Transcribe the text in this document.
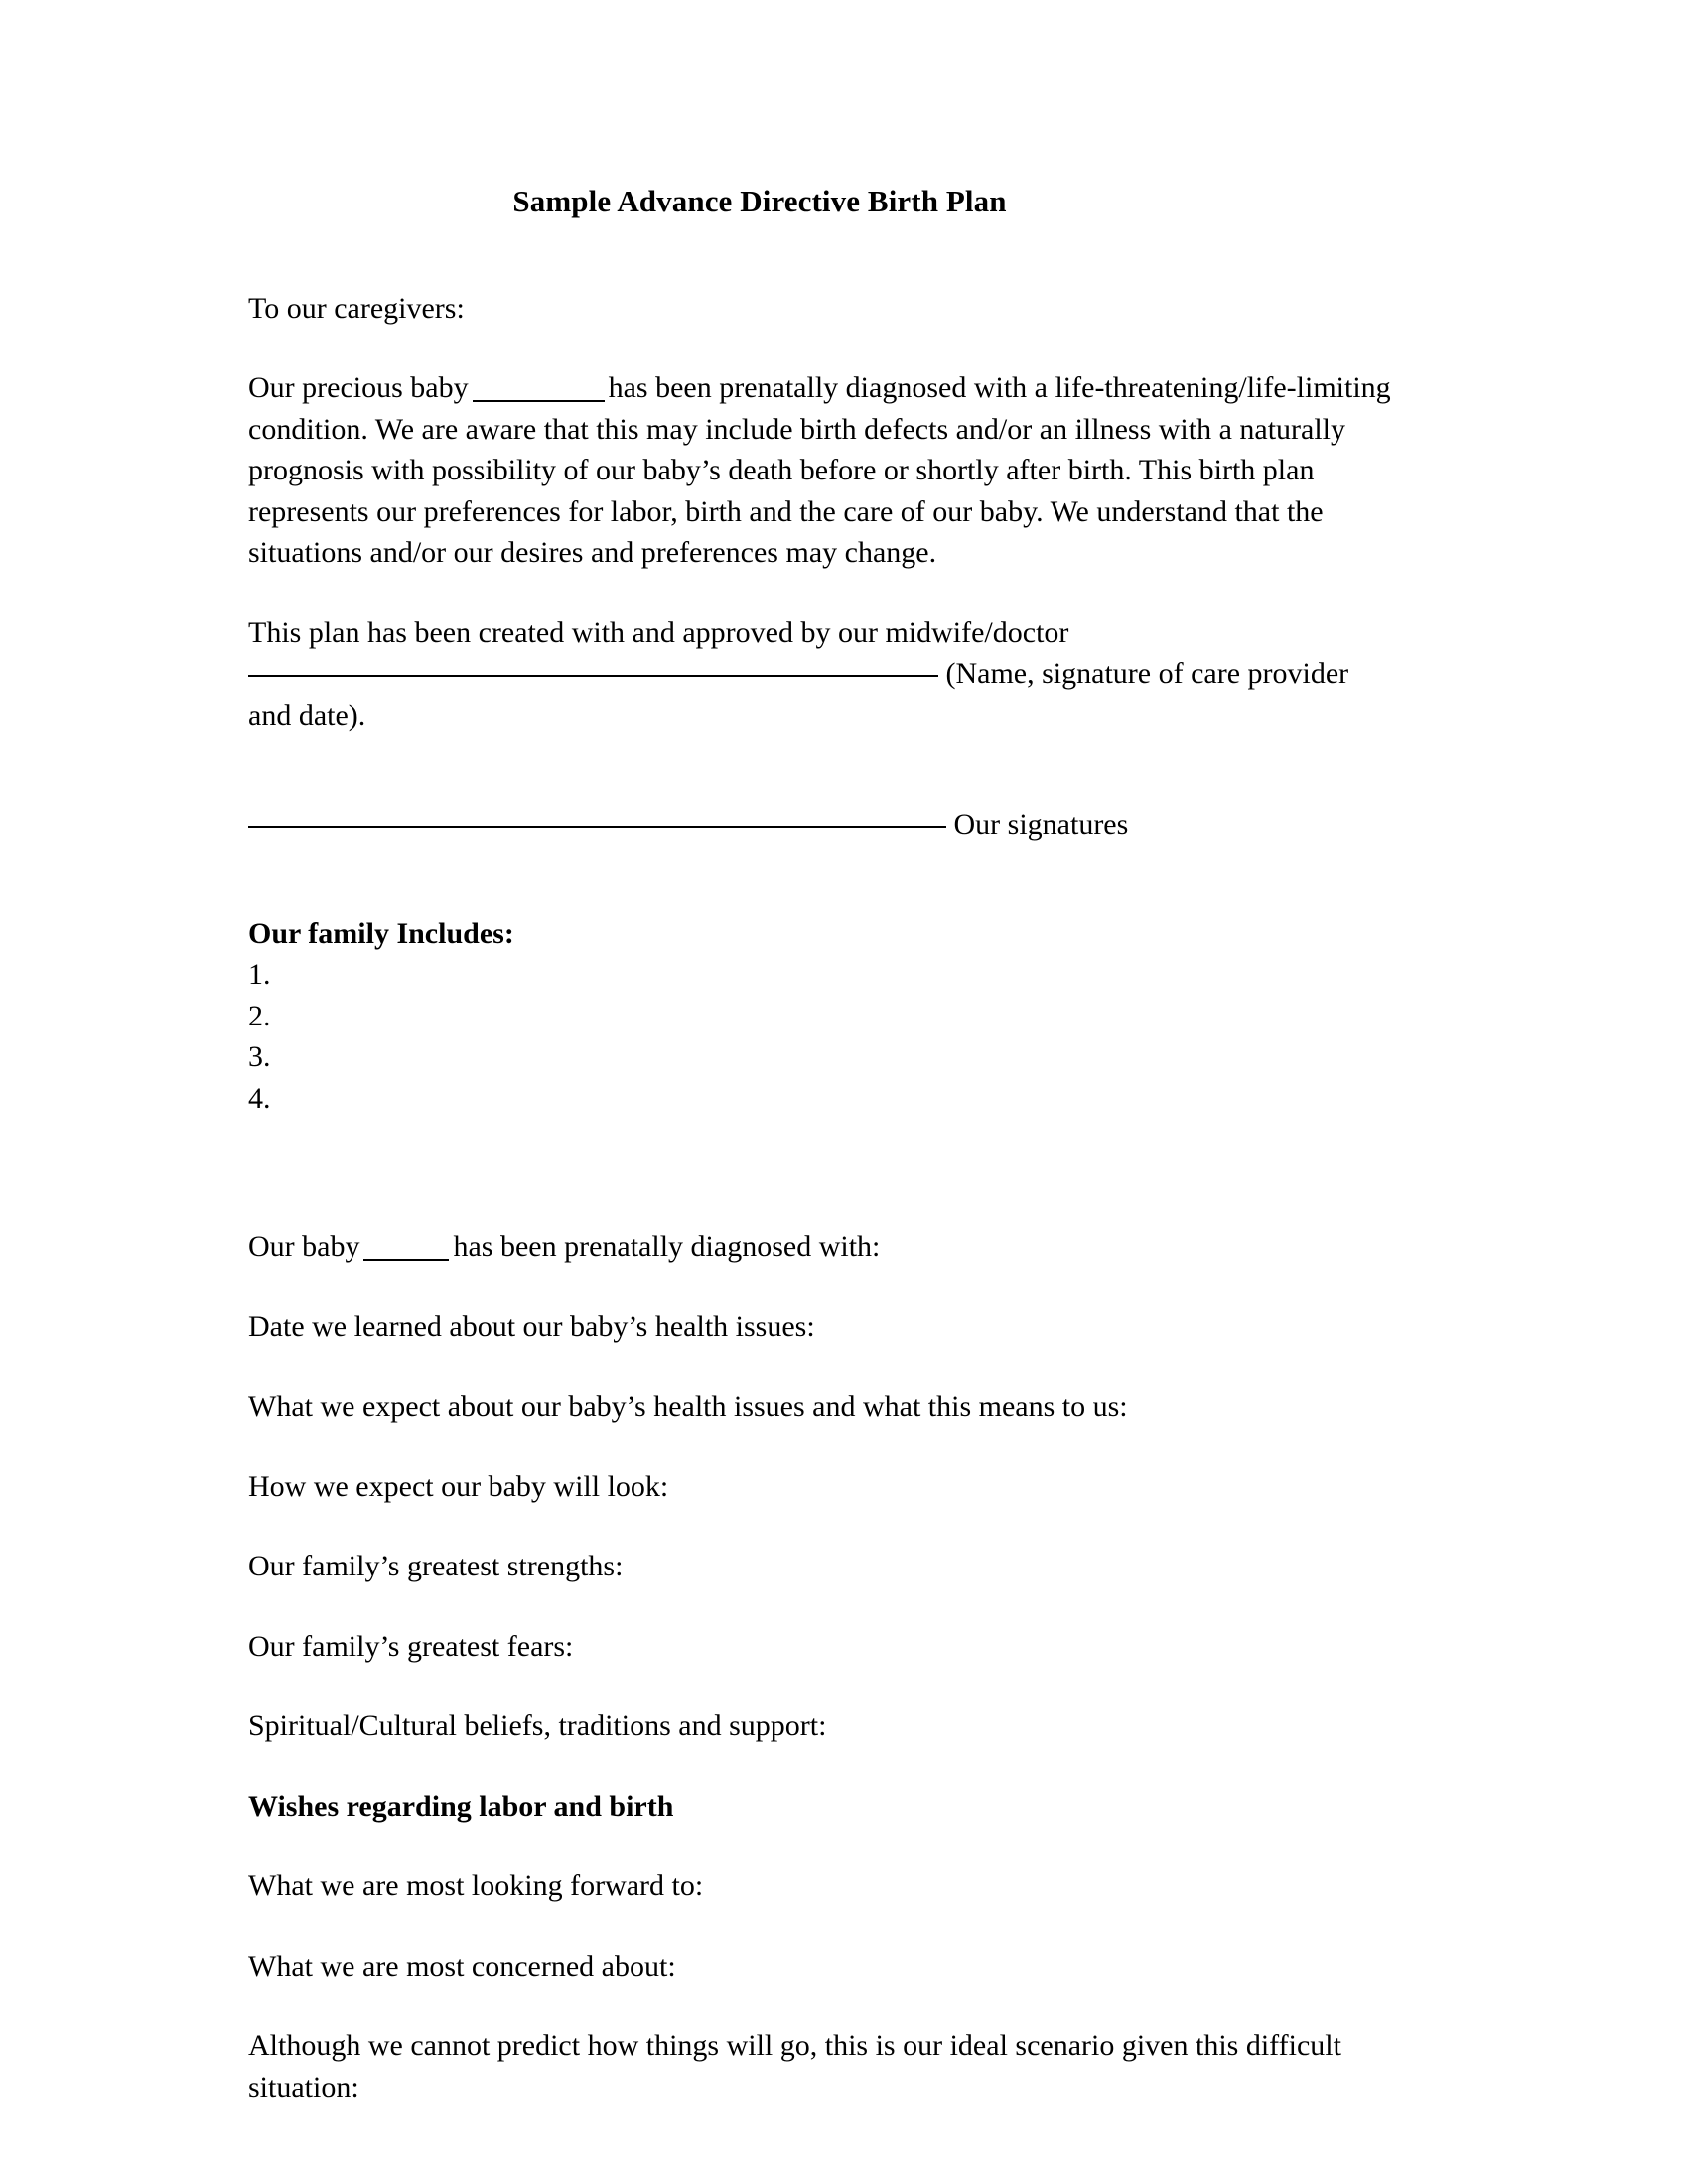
Sample Advance Directive Birth Plan

To our caregivers:

Our precious baby	has been prenatally diagnosed with a life-threatening/life-limiting condition. We are aware that this may include birth defects and/or an illness with a naturally prognosis with possibility of our baby’s death before or shortly after birth. This birth plan represents our preferences for labor, birth and the care of our baby. We understand that the situations and/or our desires and preferences may change.

This plan has been created with and approved by our midwife/doctor

(Name, signature of care provider
and date).

Our signatures

Our family Includes:

1.
2.
3.
4.

Our baby	has been prenatally diagnosed with:

Date we learned about our baby’s health issues:

What we expect about our baby’s health issues and what this means to us:

How we expect our baby will look:

Our family’s greatest strengths:

Our family’s greatest fears:

Spiritual/Cultural beliefs, traditions and support:

Wishes regarding labor and birth

What we are most looking forward to:

What we are most concerned about:

Although we cannot predict how things will go, this is our ideal scenario given this difficult situation:
